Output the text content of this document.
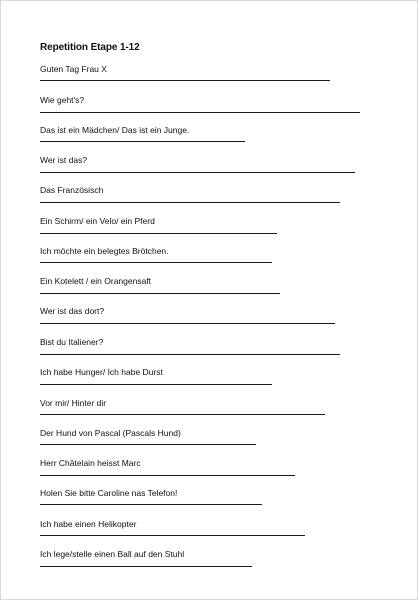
Repetition Etape 1-12
Guten Tag Frau X
Wie geht's?
Das ist ein Mädchen/ Das ist ein Junge.
Wer ist das?
Das Französisch
Ein Schirm/ ein Velo/ ein Pferd
Ich möchte ein belegtes Brötchen.
Ein Kotelett / ein Orangensaft
Wer ist das dort?
Bist du Italiener?
Ich habe Hunger/ Ich habe Durst
Vor mir/ Hinter dir
Der Hund von Pascal (Pascals Hund)
Herr Châtelain heisst Marc
Holen Sie bitte Caroline nas Telefon!
Ich habe einen Helikopter
Ich lege/stelle einen Ball auf den Stuhl
